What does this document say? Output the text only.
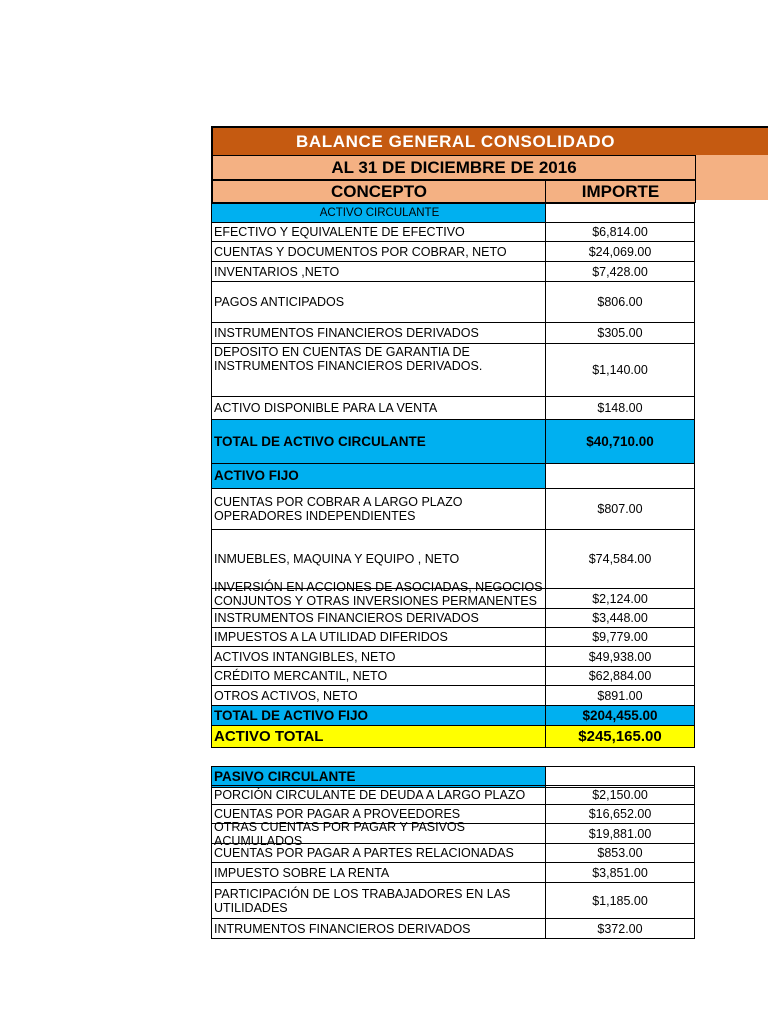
BALANCE GENERAL CONSOLIDADO
AL 31 DE DICIEMBRE DE 2016
CONCEPTO	IMPORTE
ACTIVO CIRCULANTE
EFECTIVO Y EQUIVALENTE DE EFECTIVO	$6,814.00
CUENTAS Y DOCUMENTOS POR COBRAR, NETO	$24,069.00
INVENTARIOS ,NETO	$7,428.00
PAGOS ANTICIPADOS	$806.00
INSTRUMENTOS FINANCIEROS DERIVADOS	$305.00
DEPOSITO EN CUENTAS DE GARANTIA DE INSTRUMENTOS FINANCIEROS DERIVADOS.	$1,140.00
ACTIVO DISPONIBLE PARA LA VENTA	$148.00
TOTAL DE ACTIVO CIRCULANTE	$40,710.00
ACTIVO FIJO
CUENTAS POR COBRAR A LARGO PLAZO OPERADORES INDEPENDIENTES	$807.00
INMUEBLES, MAQUINA Y EQUIPO , NETO	$74,584.00
INVERSIÓN EN ACCIONES DE ASOCIADAS, NEGOCIOS CONJUNTOS Y OTRAS INVERSIONES PERMANENTES	$2,124.00
INSTRUMENTOS FINANCIEROS DERIVADOS	$3,448.00
IMPUESTOS A LA UTILIDAD DIFERIDOS	$9,779.00
ACTIVOS INTANGIBLES, NETO	$49,938.00
CRÉDITO MERCANTIL, NETO	$62,884.00
OTROS ACTIVOS, NETO	$891.00
TOTAL DE ACTIVO FIJO	$204,455.00
ACTIVO TOTAL	$245,165.00
PASIVO CIRCULANTE
PORCIÓN CIRCULANTE DE DEUDA A LARGO PLAZO	$2,150.00
CUENTAS POR PAGAR A PROVEEDORES	$16,652.00
OTRAS CUENTAS POR PAGAR Y PASIVOS ACUMULADOS	$19,881.00
CUENTAS POR PAGAR A PARTES RELACIONADAS	$853.00
IMPUESTO SOBRE LA RENTA	$3,851.00
PARTICIPACIÓN DE LOS TRABAJADORES EN LAS UTILIDADES	$1,185.00
INTRUMENTOS FINANCIEROS DERIVADOS	$372.00
